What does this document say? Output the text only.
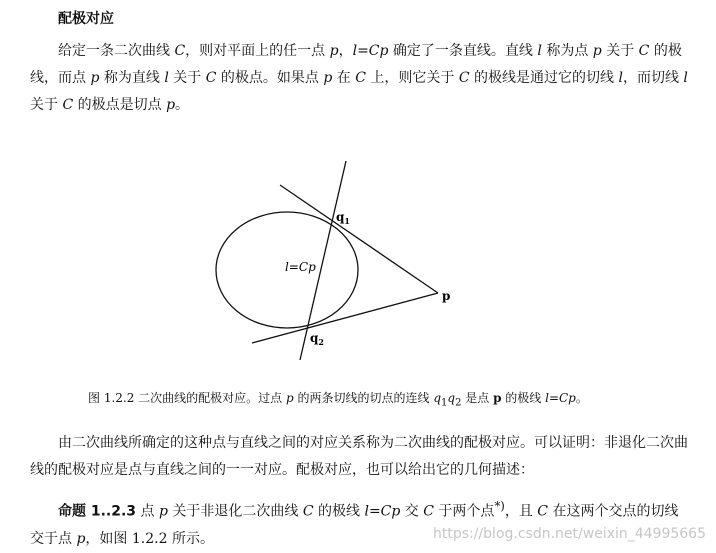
配极对应

给定一条二次曲线 C，则对平面上的任一点 p，l=Cp 确定了一条直线。直线 l 称为点 p 关于 C 的极线，而点 p 称为直线 l 关于 C 的极点。如果点 p 在 C 上，则它关于 C 的极线是通过它的切线 l，而切线 l 关于 C 的极点是切点 p。

$q_1$
$q_2$
p
l=Cp
图 1.2.2 二次曲线的配极对应。过点 p 的两条切线的切点的连线 $q_1q_2$ 是点 p 的极线 l=Cp。

由二次曲线所确定的这种点与直线之间的对应关系称为二次曲线的配极对应。可以证明：非退化二次曲线的配极对应是点与直线之间的一一对应。配极对应，也可以给出它的几何描述：

命题 1..2.3 点 p 关于非退化二次曲线 C 的极线 l=Cp 交 C 于两个点*)，且 C 在这两个交点的切线交于点 p，如图 1.2.2 所示。	https://blog.csdn.net/weixin_44995665
